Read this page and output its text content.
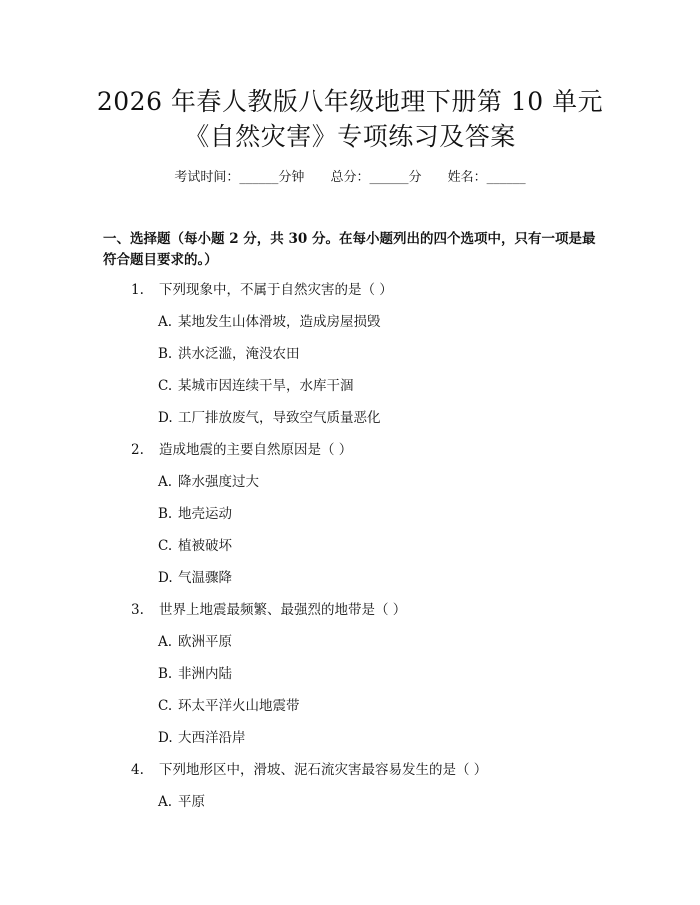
2026 年春人教版八年级地理下册第 10 单元
《自然灾害》专项练习及答案
考试时间：______分钟 总分：______分 姓名：______
一、选择题（每小题 2 分，共 30 分。在每小题列出的四个选项中，只有一项是最
符合题目要求的。）
1. 下列现象中，不属于自然灾害的是（ ）
A. 某地发生山体滑坡，造成房屋损毁
B. 洪水泛滥，淹没农田
C. 某城市因连续干旱，水库干涸
D. 工厂排放废气，导致空气质量恶化
2. 造成地震的主要自然原因是（ ）
A. 降水强度过大
B. 地壳运动
C. 植被破坏
D. 气温骤降
3. 世界上地震最频繁、最强烈的地带是（ ）
A. 欧洲平原
B. 非洲内陆
C. 环太平洋火山地震带
D. 大西洋沿岸
4. 下列地形区中，滑坡、泥石流灾害最容易发生的是（ ）
A. 平原
